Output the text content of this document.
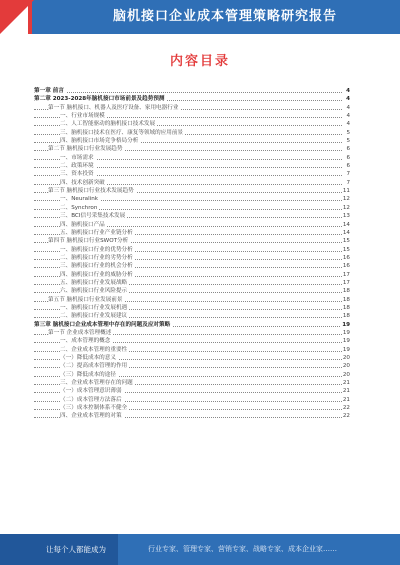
脑机接口企业成本管理策略研究报告
内容目录
第一章 前言	4
第二章 2023-2028年脑机接口市场前景及趋势预测	4
第一节 脑机接口、机器人及医疗设备、家用电器行业	4
一、行业市场规模	4
二、人工智能驱动的脑机接口技术发展	4
三、脑机接口技术在医疗、康复等领域的应用前景	5
四、脑机接口市场竞争格局分析	5
第二节 脑机接口行业发展趋势	6
一、市场需求	6
二、政策环境	6
三、资本投资	7
四、技术创新突破	7
第三节 脑机接口行业技术发展趋势	11
一、Neuralink	12
二、Synchron	12
三、BCI信号采集技术发展	13
四、脑机接口产品	14
五、脑机接口行业产业链分析	14
第四节 脑机接口行业SWOT分析	15
一、脑机接口行业的优势分析	15
二、脑机接口行业的劣势分析	16
三、脑机接口行业的机会分析	16
四、脑机接口行业的威胁分析	17
五、脑机接口行业发展战略	17
六、脑机接口行业风险提示	18
第五节 脑机接口行业发展前景	18
一、脑机接口行业发展机遇	18
二、脑机接口行业发展建议	18
第三章 脑机接口企业成本管理中存在的问题及应对策略	19
第一节 企业成本管理概述	19
一、成本管理的概念	19
二、企业成本管理的重要性	19
（一）降低成本的意义	20
（二）提高成本管理的作用	20
（三）降低成本的途径	20
三、企业成本管理存在的问题	21
（一）成本管理意识薄弱	21
（二）成本管理方法落后	21
（三）成本控制体系不健全	22
四、企业成本管理的对策	22
让每个人都能成为	行业专家、管理专家、营销专家、战略专家、成本企业家……
